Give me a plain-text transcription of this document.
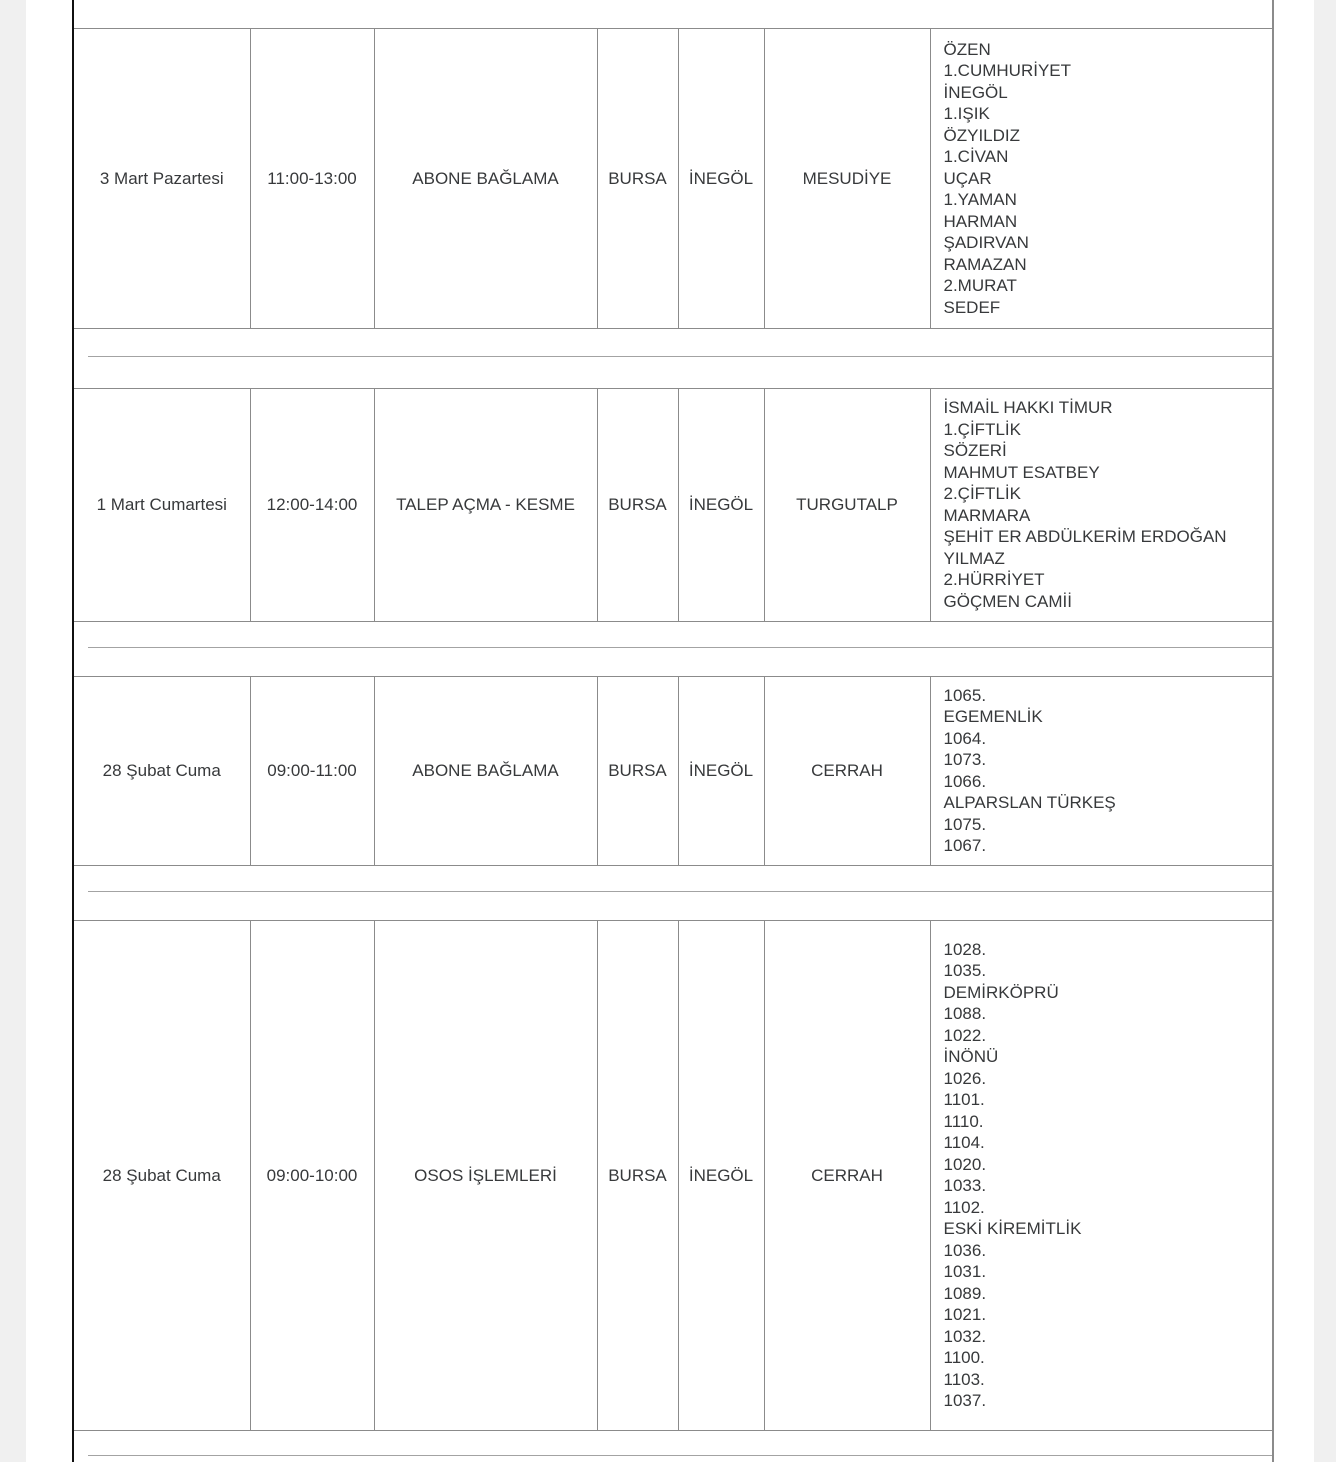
3 Mart Pazartesi	11:00-13:00	ABONE BAĞLAMA	BURSA	İNEGÖL	MESUDİYE
ÖZEN
1.CUMHURİYET
İNEGÖL
1.IŞIK
ÖZYILDIZ
1.CİVAN
UÇAR
1.YAMAN
HARMAN
ŞADIRVAN
RAMAZAN
2.MURAT
SEDEF
1 Mart Cumartesi	12:00-14:00	TALEP AÇMA - KESME	BURSA	İNEGÖL	TURGUTALP
İSMAİL HAKKI TİMUR
1.ÇİFTLİK
SÖZERİ
MAHMUT ESATBEY
2.ÇİFTLİK
MARMARA
ŞEHİT ER ABDÜLKERİM ERDOĞAN
YILMAZ
2.HÜRRİYET
GÖÇMEN CAMİİ
28 Şubat Cuma	09:00-11:00	ABONE BAĞLAMA	BURSA	İNEGÖL	CERRAH
1065.
EGEMENLİK
1064.
1073.
1066.
ALPARSLAN TÜRKEŞ
1075.
1067.
28 Şubat Cuma	09:00-10:00	OSOS İŞLEMLERİ	BURSA	İNEGÖL	CERRAH
1028.
1035.
DEMİRKÖPRÜ
1088.
1022.
İNÖNÜ
1026.
1101.
1110.
1104.
1020.
1033.
1102.
ESKİ KİREMİTLİK
1036.
1031.
1089.
1021.
1032.
1100.
1103.
1037.
